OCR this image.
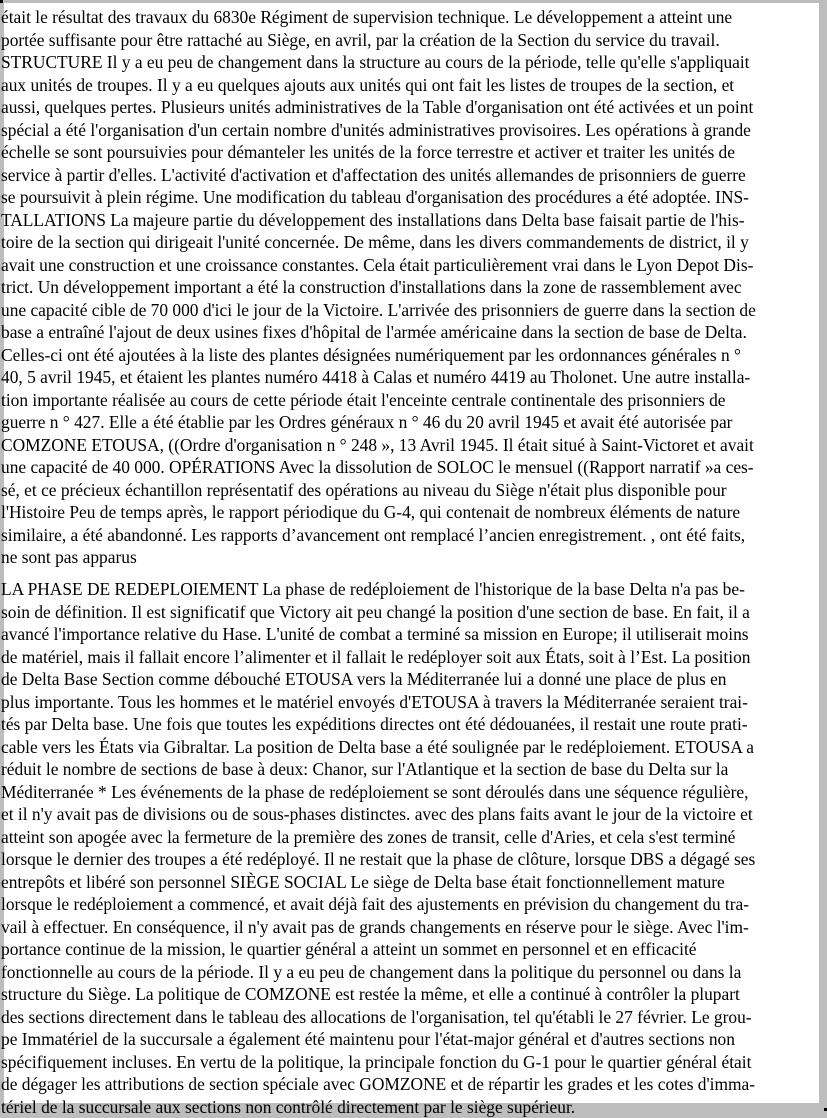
était le résultat des travaux du 6830e Régiment de supervision technique. Le développement a atteint une
portée suffisante pour être rattaché au Siège, en avril, par la création de la Section du service du travail.
STRUCTURE Il y a eu peu de changement dans la structure au cours de la période, telle qu'elle s'appliquait
aux unités de troupes. Il y a eu quelques ajouts aux unités qui ont fait les listes de troupes de la section, et
aussi, quelques pertes. Plusieurs unités administratives de la Table d'organisation ont été activées et un point
spécial a été l'organisation d'un certain nombre d'unités administratives provisoires. Les opérations à grande
échelle se sont poursuivies pour démanteler les unités de la force terrestre et activer et traiter les unités de
service à partir d'elles. L'activité d'activation et d'affectation des unités allemandes de prisonniers de guerre
se poursuivit à plein régime. Une modification du tableau d'organisation des procédures a été adoptée. INS-
TALLATIONS La majeure partie du développement des installations dans Delta base faisait partie de l'his-
toire de la section qui dirigeait l'unité concernée. De même, dans les divers commandements de district, il y
avait une construction et une croissance constantes. Cela était particulièrement vrai dans le Lyon Depot Dis-
trict. Un développement important a été la construction d'installations dans la zone de rassemblement avec
une capacité cible de 70 000 d'ici le jour de la Victoire. L'arrivée des prisonniers de guerre dans la section de
base a entraîné l'ajout de deux usines fixes d'hôpital de l'armée américaine dans la section de base de Delta.
Celles-ci ont été ajoutées à la liste des plantes désignées numériquement par les ordonnances générales n °
40, 5 avril 1945, et étaient les plantes numéro 4418 à Calas et numéro 4419 au Tholonet. Une autre installa-
tion importante réalisée au cours de cette période était l'enceinte centrale continentale des prisonniers de
guerre n ° 427. Elle a été établie par les Ordres généraux n ° 46 du 20 avril 1945 et avait été autorisée par
COMZONE ETOUSA, ((Ordre d'organisation n ° 248 », 13 Avril 1945. Il était situé à Saint-Victoret et avait
une capacité de 40 000. OPÉRATIONS Avec la dissolution de SOLOC le mensuel ((Rapport narratif »a ces-
sé, et ce précieux échantillon représentatif des opérations au niveau du Siège n'était plus disponible pour
l'Histoire Peu de temps après, le rapport périodique du G-4, qui contenait de nombreux éléments de nature
similaire, a été abandonné. Les rapports d’avancement ont remplacé l’ancien enregistrement. , ont été faits,
ne sont pas apparus
LA PHASE DE REDEPLOIEMENT La phase de redéploiement de l'historique de la base Delta n'a pas be-
soin de définition. Il est significatif que Victory ait peu changé la position d'une section de base. En fait, il a
avancé l'importance relative du Hase. L'unité de combat a terminé sa mission en Europe; il utiliserait moins
de matériel, mais il fallait encore l’alimenter et il fallait le redéployer soit aux États, soit à l’Est. La position
de Delta Base Section comme débouché ETOUSA vers la Méditerranée lui a donné une place de plus en
plus importante. Tous les hommes et le matériel envoyés d'ETOUSA à travers la Méditerranée seraient trai-
tés par Delta base. Une fois que toutes les expéditions directes ont été dédouanées, il restait une route prati-
cable vers les États via Gibraltar. La position de Delta base a été soulignée par le redéploiement. ETOUSA a
réduit le nombre de sections de base à deux: Chanor, sur l'Atlantique et la section de base du Delta sur la
Méditerranée * Les événements de la phase de redéploiement se sont déroulés dans une séquence régulière,
et il n'y avait pas de divisions ou de sous-phases distinctes. avec des plans faits avant le jour de la victoire et
atteint son apogée avec la fermeture de la première des zones de transit, celle d'Aries, et cela s'est terminé
lorsque le dernier des troupes a été redéployé. Il ne restait que la phase de clôture, lorsque DBS a dégagé ses
entrepôts et libéré son personnel SIÈGE SOCIAL Le siège de Delta base était fonctionnellement mature
lorsque le redéploiement a commencé, et avait déjà fait des ajustements en prévision du changement du tra-
vail à effectuer. En conséquence, il n'y avait pas de grands changements en réserve pour le siège. Avec l'im-
portance continue de la mission, le quartier général a atteint un sommet en personnel et en efficacité
fonctionnelle au cours de la période. Il y a eu peu de changement dans la politique du personnel ou dans la
structure du Siège. La politique de COMZONE est restée la même, et elle a continué à contrôler la plupart
des sections directement dans le tableau des allocations de l'organisation, tel qu'établi le 27 février. Le grou-
pe Immatériel de la succursale a également été maintenu pour l'état-major général et d'autres sections non
spécifiquement incluses. En vertu de la politique, la principale fonction du G-1 pour le quartier général était
de dégager les attributions de section spéciale avec GOMZONE et de répartir les grades et les cotes d'imma-
tériel de la succursale aux sections non contrôlé directement par le siège supérieur.
